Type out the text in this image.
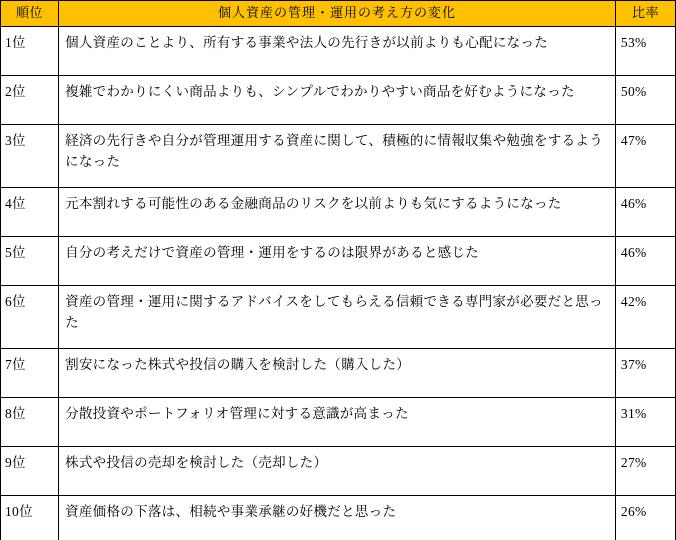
順位	個人資産の管理・運用の考え方の変化	比率
1位	個人資産のことより、所有する事業や法人の先行きが以前よりも心配になった	53%
2位	複雑でわかりにくい商品よりも、シンプルでわかりやすい商品を好むようになった	50%
3位	経済の先行きや自分が管理運用する資産に関して、積極的に情報収集や勉強をするようになった	47%
4位	元本割れする可能性のある金融商品のリスクを以前よりも気にするようになった	46%
5位	自分の考えだけで資産の管理・運用をするのは限界があると感じた	46%
6位	資産の管理・運用に関するアドバイスをしてもらえる信頼できる専門家が必要だと思った	42%
7位	割安になった株式や投信の購入を検討した（購入した）	37%
8位	分散投資やポートフォリオ管理に対する意識が高まった	31%
9位	株式や投信の売却を検討した（売却した）	27%
10位	資産価格の下落は、相続や事業承継の好機だと思った	26%
